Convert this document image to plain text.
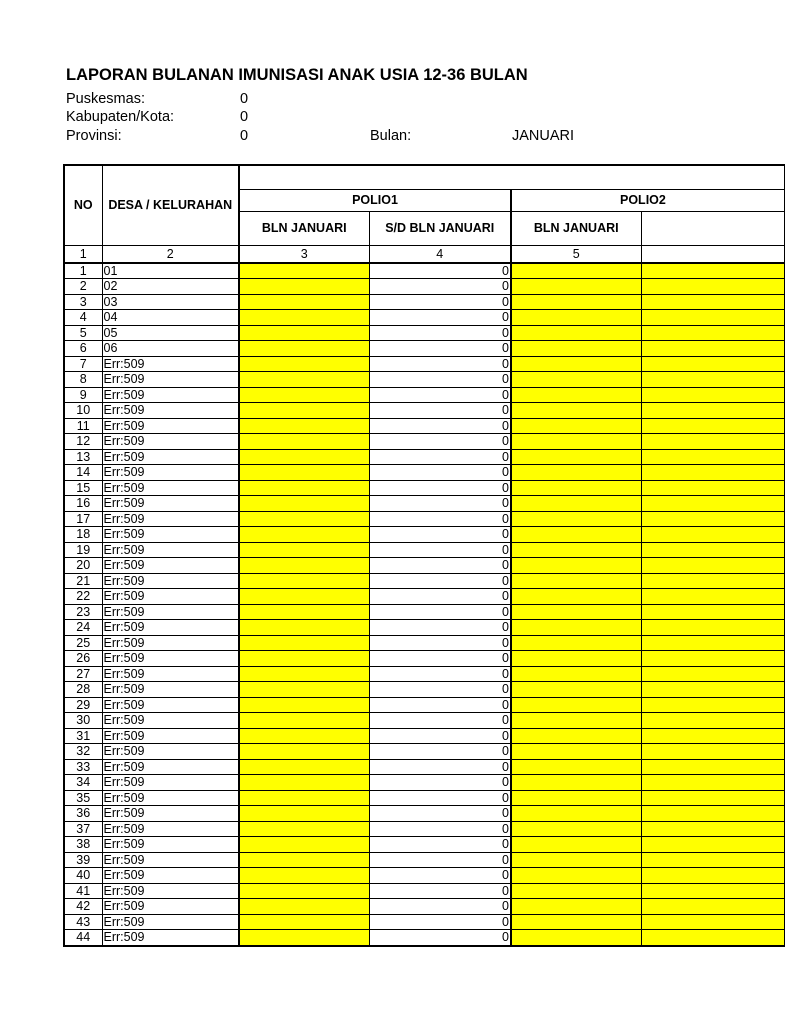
LAPORAN BULANAN IMUNISASI ANAK USIA 12-36 BULAN
Puskesmas:	0
Kabupaten/Kota:	0
Provinsi:	0	Bulan:	JANUARI
NO	DESA / KELURAHAN				
		POLIO1		POLIO2	
		BLN JANUARI	S/D BLN JANUARI	BLN JANUARI	
1	2	3	4	5	
1	01		0		
2	02		0		
3	03		0		
4	04		0		
5	05		0		
6	06		0		
7	Err:509		0		
8	Err:509		0		
9	Err:509		0		
10	Err:509		0		
11	Err:509		0		
12	Err:509		0		
13	Err:509		0		
14	Err:509		0		
15	Err:509		0		
16	Err:509		0		
17	Err:509		0		
18	Err:509		0		
19	Err:509		0		
20	Err:509		0		
21	Err:509		0		
22	Err:509		0		
23	Err:509		0		
24	Err:509		0		
25	Err:509		0		
26	Err:509		0		
27	Err:509		0		
28	Err:509		0		
29	Err:509		0		
30	Err:509		0		
31	Err:509		0		
32	Err:509		0		
33	Err:509		0		
34	Err:509		0		
35	Err:509		0		
36	Err:509		0		
37	Err:509		0		
38	Err:509		0		
39	Err:509		0		
40	Err:509		0		
41	Err:509		0		
42	Err:509		0		
43	Err:509		0		
44	Err:509		0		
